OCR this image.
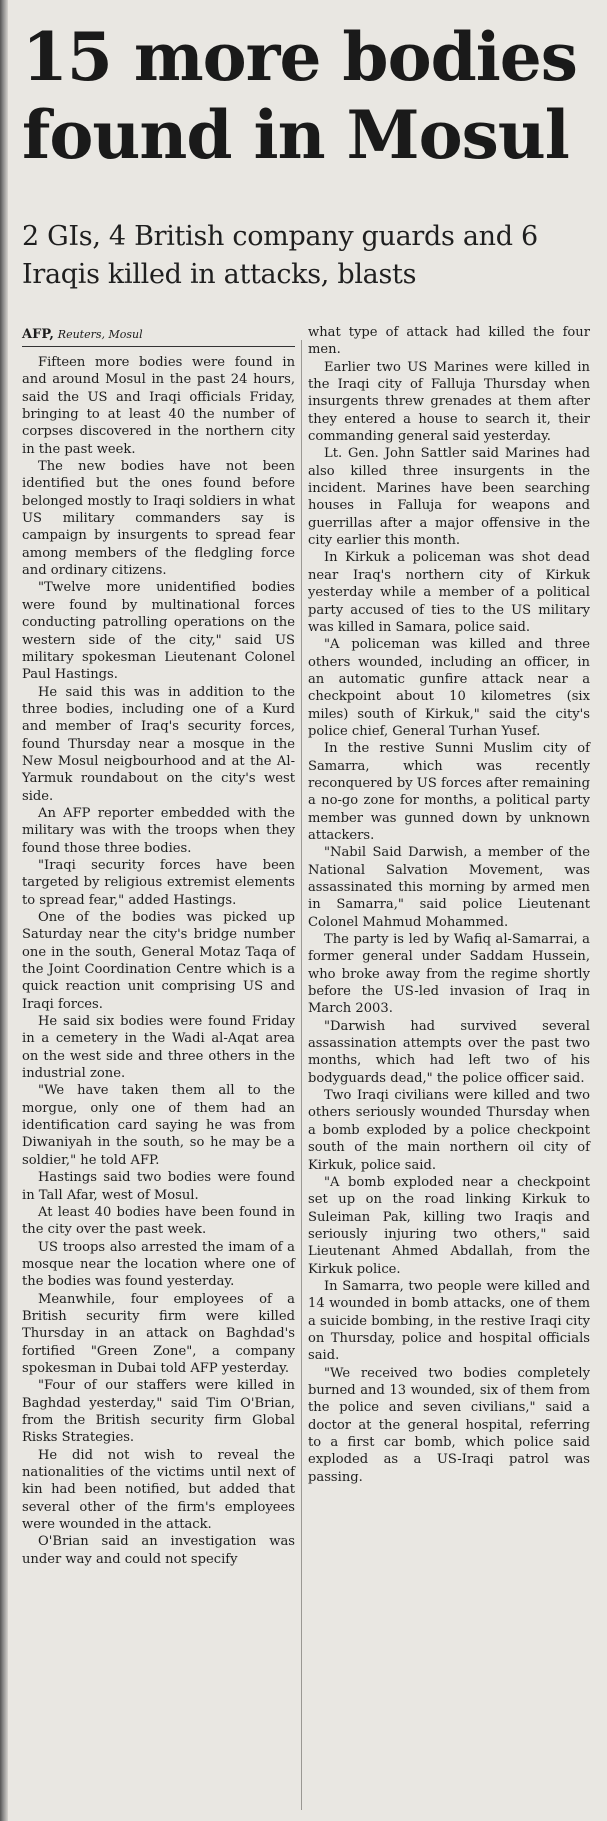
15 more bodies found in Mosul
2 GIs, 4 British company guards and 6 Iraqis killed in attacks, blasts
AFP, Reuters, Mosul

Fifteen more bodies were found in and around Mosul in the past 24 hours, said the US and Iraqi officials Friday, bringing to at least 40 the number of corpses discovered in the northern city in the past week.

The new bodies have not been identified but the ones found before belonged mostly to Iraqi soldiers in what US military commanders say is campaign by insurgents to spread fear among members of the fledgling force and ordinary citizens.

"Twelve more unidentified bodies were found by multinational forces conducting patrolling operations on the western side of the city," said US military spokesman Lieutenant Colonel Paul Hastings.

He said this was in addition to the three bodies, including one of a Kurd and member of Iraq's security forces, found Thursday near a mosque in the New Mosul neigbourhood and at the Al-Yarmuk roundabout on the city's west side.

An AFP reporter embedded with the military was with the troops when they found those three bodies.

"Iraqi security forces have been targeted by religious extremist elements to spread fear," added Hastings.

One of the bodies was picked up Saturday near the city's bridge number one in the south, General Motaz Taqa of the Joint Coordination Centre which is a quick reaction unit comprising US and Iraqi forces.

He said six bodies were found Friday in a cemetery in the Wadi al-Aqat area on the west side and three others in the industrial zone.

"We have taken them all to the morgue, only one of them had an identification card saying he was from Diwaniyah in the south, so he may be a soldier," he told AFP.

Hastings said two bodies were found in Tall Afar, west of Mosul.

At least 40 bodies have been found in the city over the past week.

US troops also arrested the imam of a mosque near the location where one of the bodies was found yesterday.

Meanwhile, four employees of a British security firm were killed Thursday in an attack on Baghdad's fortified "Green Zone", a company spokesman in Dubai told AFP yesterday.

"Four of our staffers were killed in Baghdad yesterday," said Tim O'Brian, from the British security firm Global Risks Strategies.

He did not wish to reveal the nationalities of the victims until next of kin had been notified, but added that several other of the firm's employees were wounded in the attack.

O'Brian said an investigation was under way and could not specify

what type of attack had killed the four men.

Earlier two US Marines were killed in the Iraqi city of Falluja Thursday when insurgents threw grenades at them after they entered a house to search it, their commanding general said yesterday.

Lt. Gen. John Sattler said Marines had also killed three insurgents in the incident. Marines have been searching houses in Falluja for weapons and guerrillas after a major offensive in the city earlier this month.

In Kirkuk a policeman was shot dead near Iraq's northern city of Kirkuk yesterday while a member of a political party accused of ties to the US military was killed in Samara, police said.

"A policeman was killed and three others wounded, including an officer, in an automatic gunfire attack near a checkpoint about 10 kilometres (six miles) south of Kirkuk," said the city's police chief, General Turhan Yusef.

In the restive Sunni Muslim city of Samarra, which was recently reconquered by US forces after remaining a no-go zone for months, a political party member was gunned down by unknown attackers.

"Nabil Said Darwish, a member of the National Salvation Movement, was assassinated this morning by armed men in Samarra," said police Lieutenant Colonel Mahmud Mohammed.

The party is led by Wafiq al-Samarrai, a former general under Saddam Hussein, who broke away from the regime shortly before the US-led invasion of Iraq in March 2003.

"Darwish had survived several assassination attempts over the past two months, which had left two of his bodyguards dead," the police officer said.

Two Iraqi civilians were killed and two others seriously wounded Thursday when a bomb exploded by a police checkpoint south of the main northern oil city of Kirkuk, police said.

"A bomb exploded near a checkpoint set up on the road linking Kirkuk to Suleiman Pak, killing two Iraqis and seriously injuring two others," said Lieutenant Ahmed Abdallah, from the Kirkuk police.

In Samarra, two people were killed and 14 wounded in bomb attacks, one of them a suicide bombing, in the restive Iraqi city on Thursday, police and hospital officials said.

"We received two bodies completely burned and 13 wounded, six of them from the police and seven civilians," said a doctor at the general hospital, referring to a first car bomb, which police said exploded as a US-Iraqi patrol was passing.
